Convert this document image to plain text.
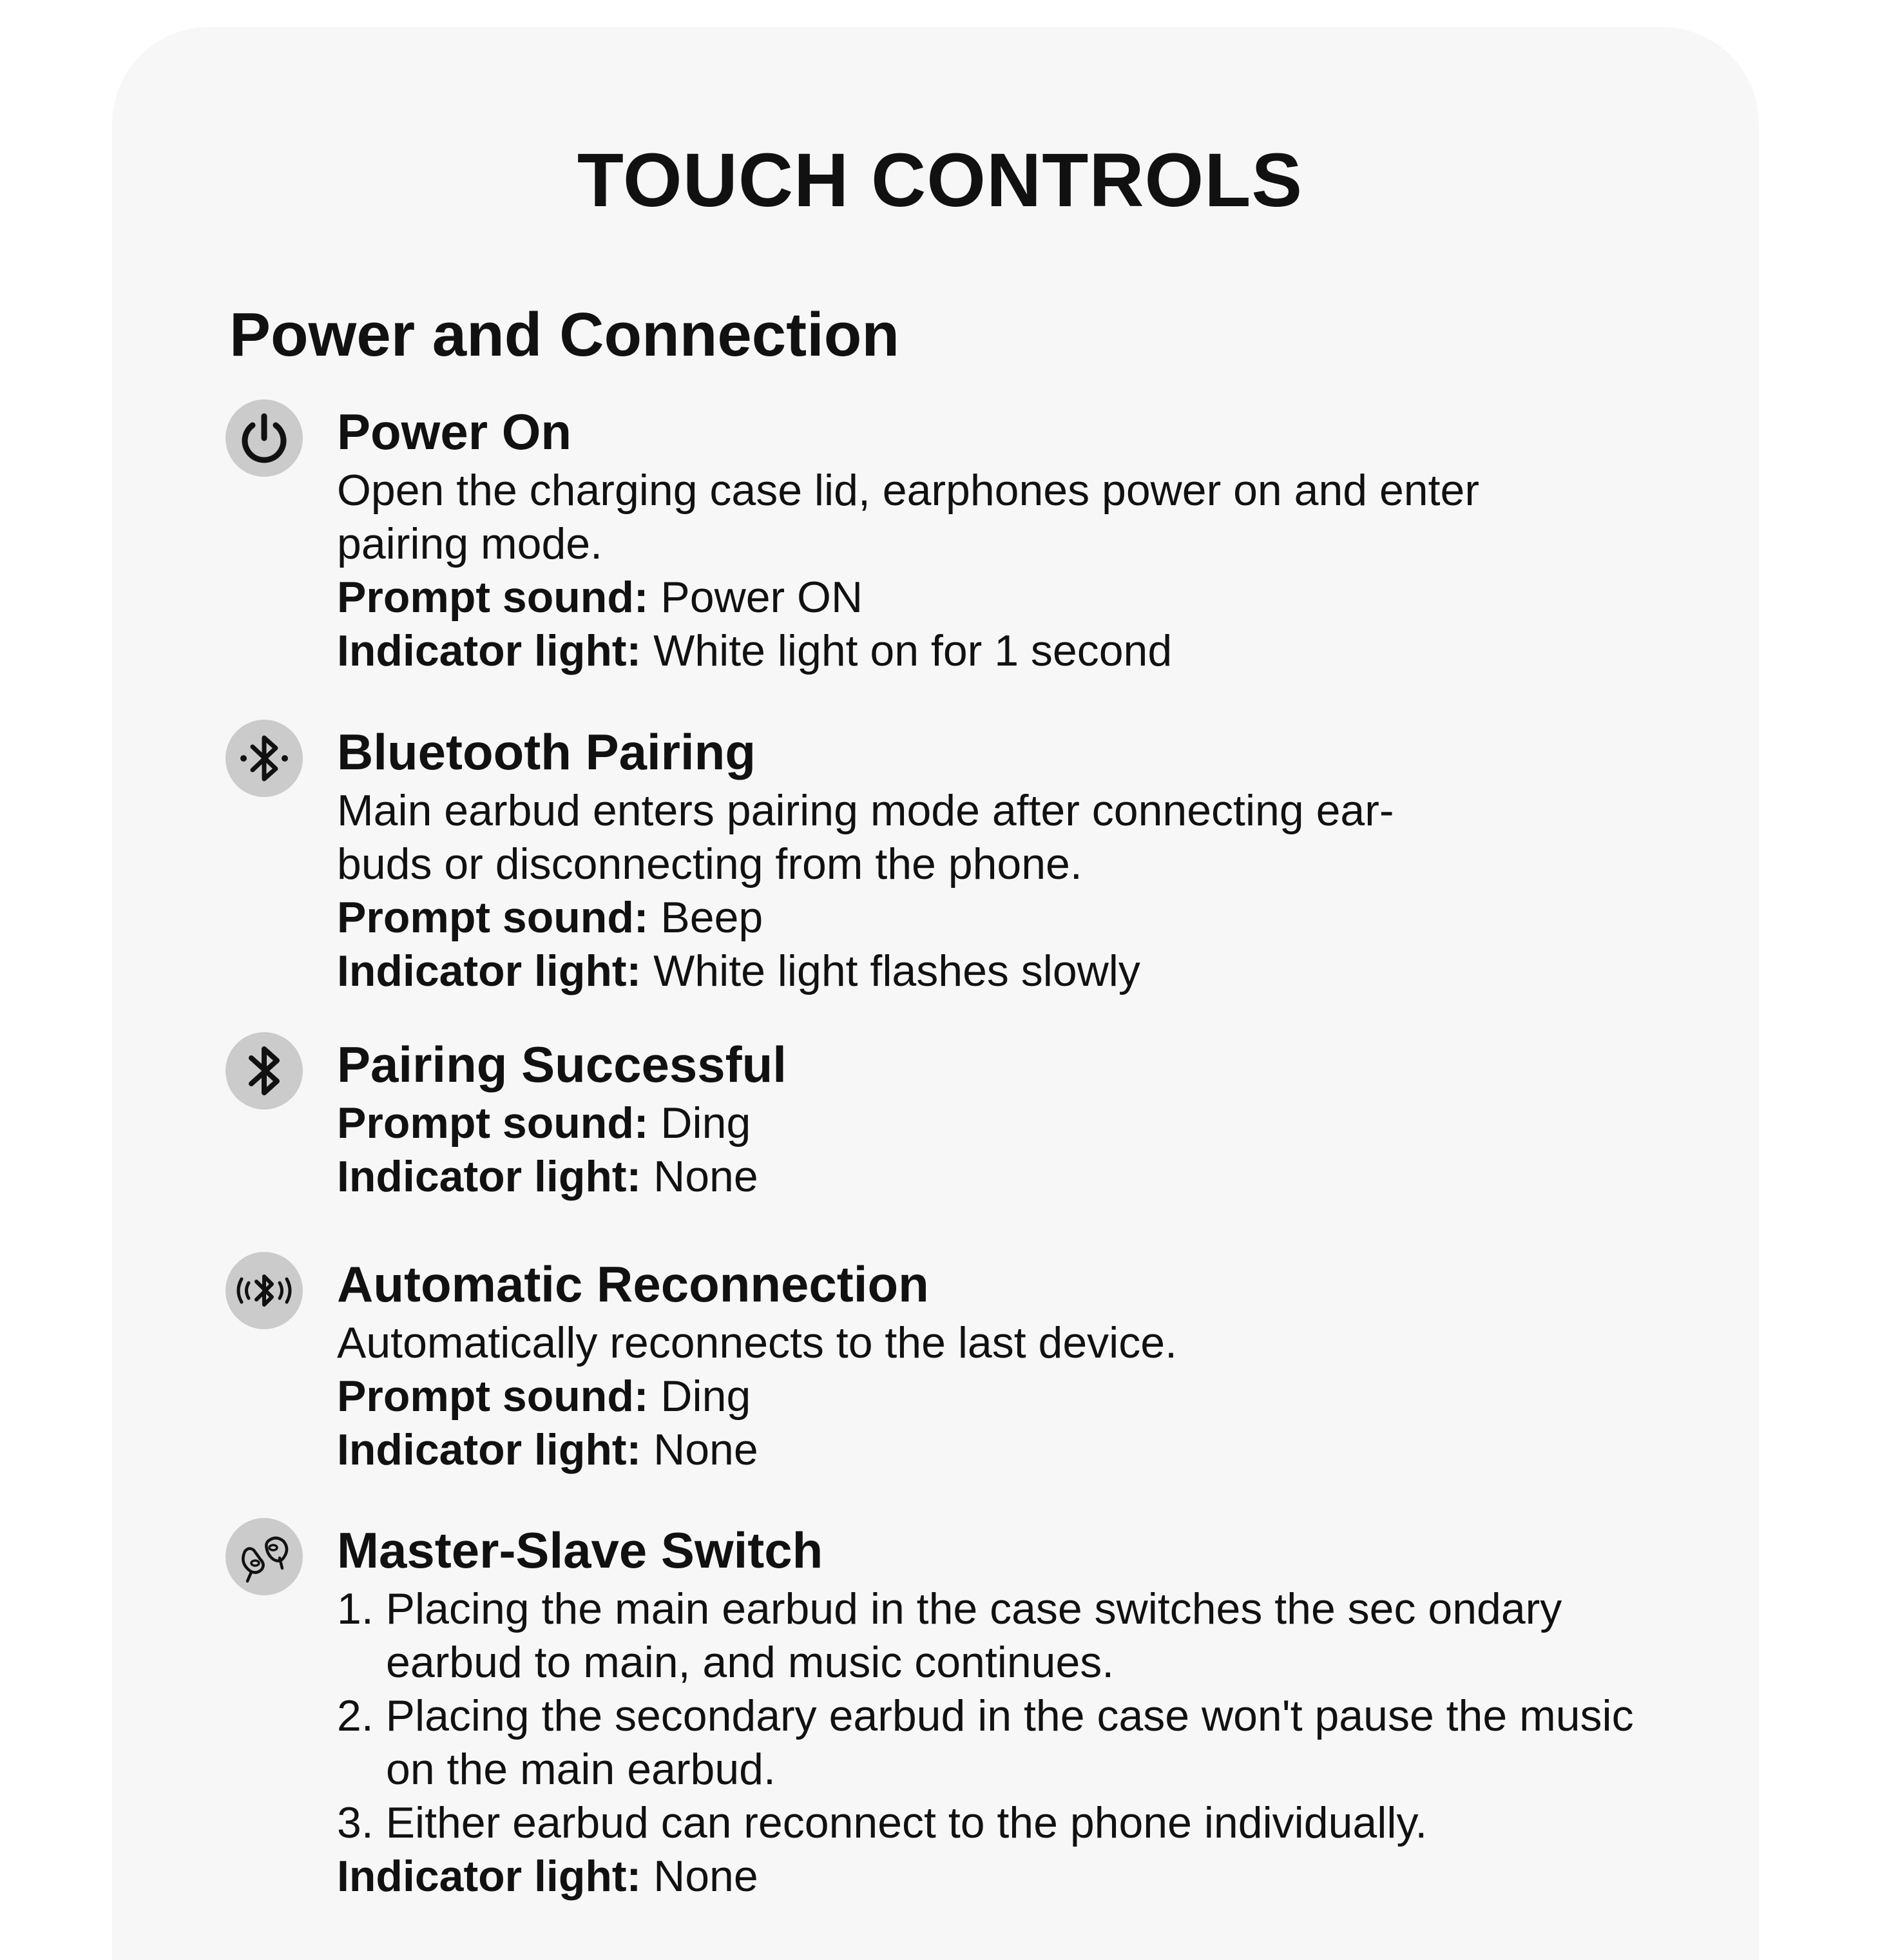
TOUCH CONTROLS
Power and Connection

Power On

Open the charging case lid, earphones power on and enter

pairing mode.

Prompt sound: Power ON

Indicator light: White light on for 1 second

Bluetooth Pairing

Main earbud enters pairing mode after connecting ear-

buds or disconnecting from the phone.

Prompt sound: Beep

Indicator light: White light flashes slowly

Pairing Successful

Prompt sound: Ding

Indicator light: None

Automatic Reconnection

Automatically reconnects to the last device.

Prompt sound: Ding

Indicator light: None

Master-Slave Switch

1. Placing the main earbud in the case switches the sec ondary earbud to main, and music continues.

2. Placing the secondary earbud in the case won't pause the music on the main earbud.

3. Either earbud can reconnect to the phone individually.

Indicator light: None
